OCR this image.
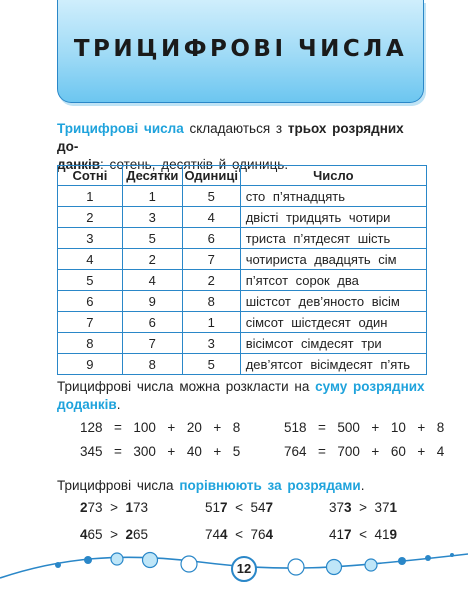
ТРИЦИФРОВІ ЧИСЛА
Трицифрові числа складаються з трьох розрядних до-
данків: сотень, десятків й одиниць.
Сотні	Десятки	Одиниці	Число
1	1	5	сто п’ятнадцять
2	3	4	двісті тридцять чотири
3	5	6	триста п’ятдесят шість
4	2	7	чотириста двадцять сім
5	4	2	п’ятсот сорок два
6	9	8	шістсот дев’яносто вісім
7	6	1	сімсот шістдесят один
8	7	3	вісімсот сімдесят три
9	8	5	дев’ятсот вісімдесят п’ять
Трицифрові числа можна розкласти на суму розрядних
доданків.
128  =  100  +  20  +  8
345  =  300  +  40  +  5
518  =  500  +  10  +  8
764  =  700  +  60  +  4
Трицифрові числа порівнюють за розрядами.
273 > 173	517 < 547	373 > 371
465 > 265	744 < 764	417 < 419
12
